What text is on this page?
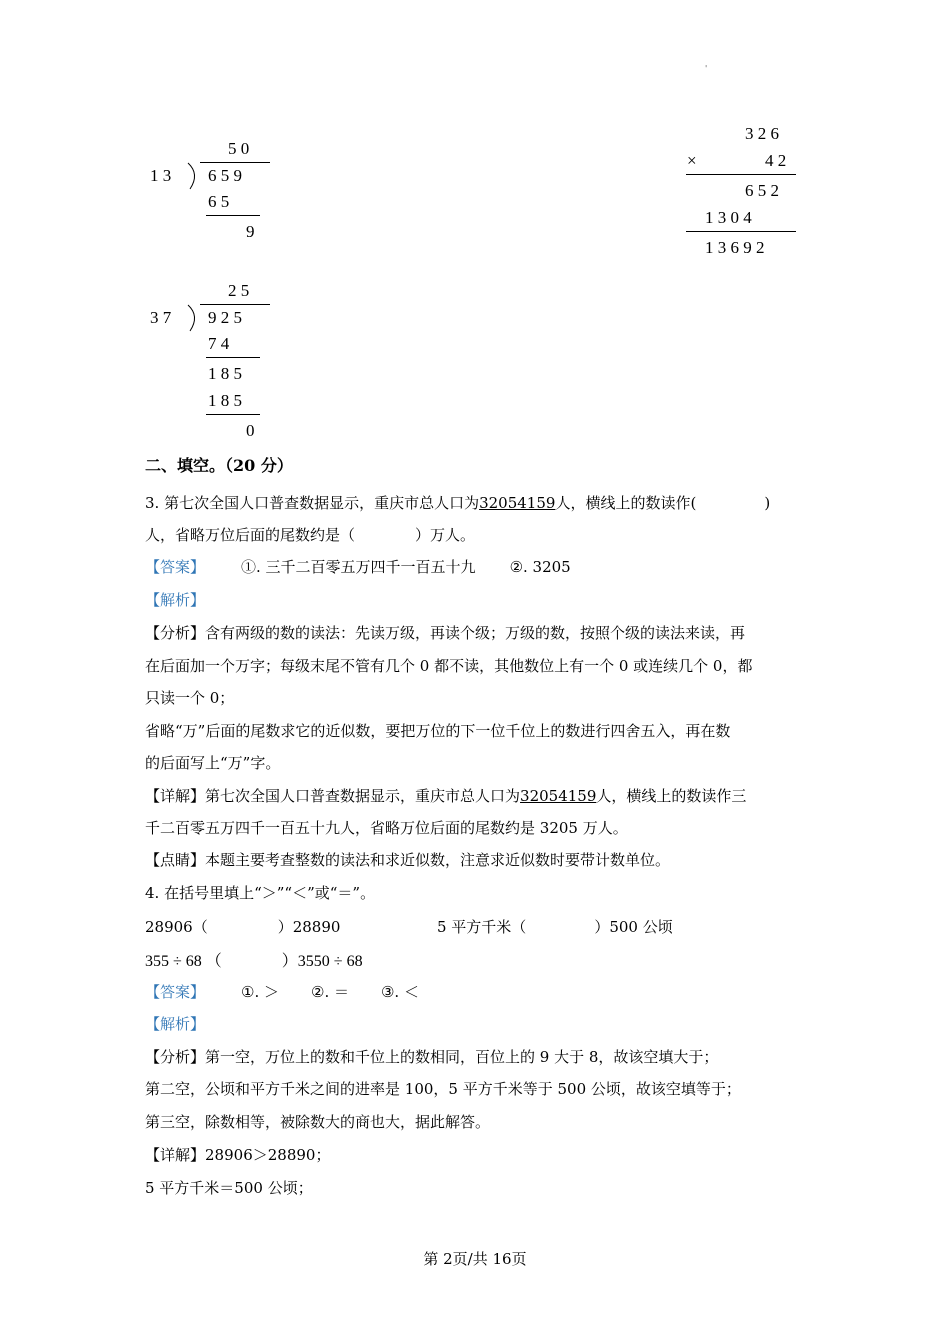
'
5 0
1 3 6 5 9
6 5
9
2 5
3 7 9 2 5
7 4
1 8 5
1 8 5
0
3 2 6
×	4 2
6 5 2
1 3 0 4
1 3 6 9 2
二、填空。（20 分）
3. 第七次全国人口普查数据显示，重庆市总人口为32054159人，横线上的数读作(	)
人，省略万位后面的尾数约是（	）万人。
【答案】 ①. 三千二百零五万四千一百五十九 ②. 3205
【解析】
【分析】含有两级的数的读法：先读万级，再读个级；万级的数，按照个级的读法来读，再
在后面加一个万字；每级末尾不管有几个 0 都不读，其他数位上有一个 0 或连续几个 0，都
只读一个 0；
省略“万”后面的尾数求它的近似数，要把万位的下一位千位上的数进行四舍五入，再在数
的后面写上“万”字。
【详解】第七次全国人口普查数据显示，重庆市总人口为32054159人，横线上的数读作三
千二百零五万四千一百五十九人，省略万位后面的尾数约是 3205 万人。
【点睛】本题主要考查整数的读法和求近似数，注意求近似数时要带计数单位。
4. 在括号里填上“＞”“＜”或“＝”。
28906（	）28890	5 平方千米（	）500 公顷
355 ÷ 68 （	）3550 ÷ 68
【答案】 ①. ＞ ②. ＝ ③. ＜
【解析】
【分析】第一空，万位上的数和千位上的数相同，百位上的 9 大于 8，故该空填大于；
第二空，公顷和平方千米之间的进率是 100，5 平方千米等于 500 公顷，故该空填等于；
第三空，除数相等，被除数大的商也大，据此解答。
【详解】28906＞28890；
5 平方千米＝500 公顷；
第 2页/共 16页
